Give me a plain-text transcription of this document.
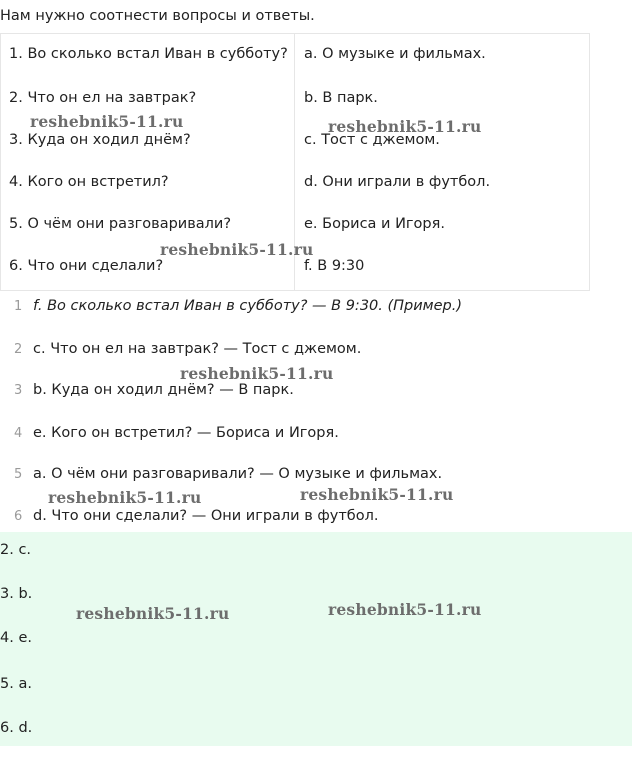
Нам нужно соотнести вопросы и ответы.
1. Во сколько встал Иван в субботу? a. О музыке и фильмах.
2. Что он ел на завтрак?	b. В парк.
3. Куда он ходил днём?	c. Тост с джемом.
4. Кого он встретил?	d. Они играли в футбол.
5. О чём они разговаривали?	e. Бориса и Игоря.
6. Что они сделали?	f. В 9:30
1 f. Во сколько встал Иван в субботу? — В 9:30. (Пример.)
2 c. Что он ел на завтрак? — Тост с джемом.
3 b. Куда он ходил днём? — В парк.
4 e. Кого он встретил? — Бориса и Игоря.
5 a. О чём они разговаривали? — О музыке и фильмах.
6 d. Что они сделали? — Они играли в футбол.
2. c.
3. b.
4. e.
5. a.
6. d.
reshebnik5-11.ru	reshebnik5-11.ru
reshebnik5-11.ru
reshebnik5-11.ru
reshebnik5-11.ru	reshebnik5-11.ru
reshebnik5-11.ru	reshebnik5-11.ru
